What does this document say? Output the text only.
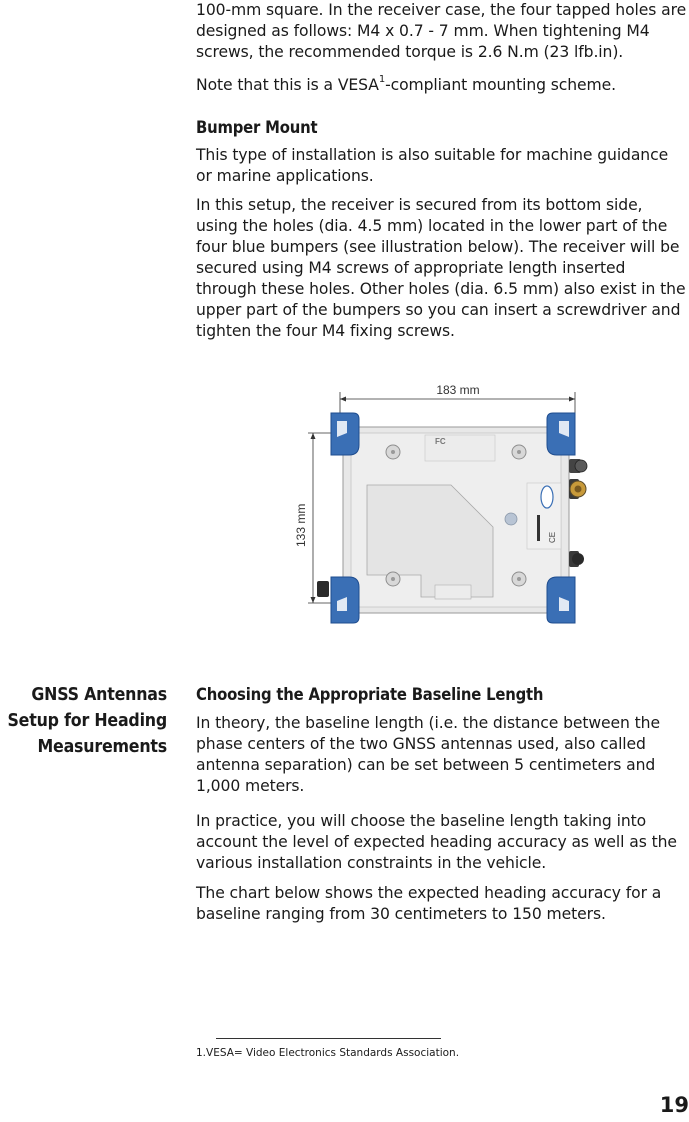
100-mm square. In the receiver case, the four tapped holes are designed as follows: M4 x 0.7 - 7 mm. When tightening M4 screws, the recommended torque is 2.6 N.m (23 lfb.in).

Note that this is a VESA$^1$-compliant mounting scheme.

Bumper Mount

This type of installation is also suitable for machine guidance or marine applications.

In this setup, the receiver is secured from its bottom side, using the holes (dia. 4.5 mm) located in the lower part of the four blue bumpers (see illustration below). The receiver will be secured using M4 screws of appropriate length inserted through these holes. Other holes (dia. 6.5 mm) also exist in the upper part of the bumpers so you can insert a screwdriver and tighten the four M4 fixing screws.

183 mm
133 mm
FC
CE
GNSS Antennas
Setup for Heading
Measurements
Choosing the Appropriate Baseline Length

In theory, the baseline length (i.e. the distance between the phase centers of the two GNSS antennas used, also called antenna separation) can be set between 5 centimeters and 1,000 meters.

In practice, you will choose the baseline length taking into account the level of expected heading accuracy as well as the various installation constraints in the vehicle.

The chart below shows the expected heading accuracy for a baseline ranging from 30 centimeters to 150 meters.

1.VESA= Video Electronics Standards Association.

19
